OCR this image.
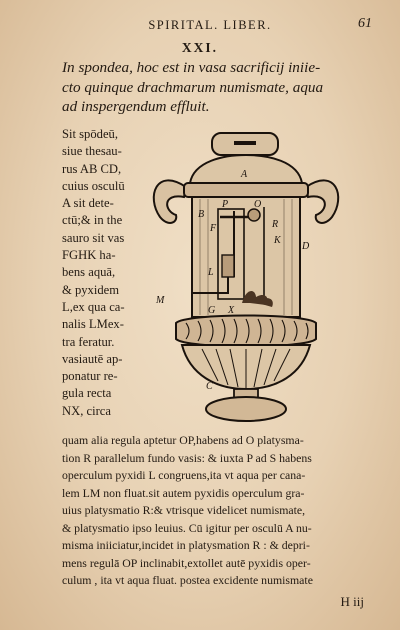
SPIRITAL. LIBER.	61
XXI.
In spondea, hoc est in vasa sacrificij iniie-
cto quinque drachmarum numismate, aqua
ad inspergendum effluit.
Sit spōdeū,
siue thesau-
rus AB CD,
cuius osculū
A sit dete-
ctū;& in the
sauro sit vas
FGHK ha-
bens aquā,
& pyxidem
L,ex qua ca-
nalis LMex-
tra feratur.
vasiautē ap-
ponatur re-
gula recta
NX, circa
A
B
C
D
F
G
K
L
M
O
P
R
X
quam alia regula aptetur OP,habens ad O platysma-
tion R parallelum fundo vasis: & iuxta P ad S habens
operculum pyxidi L congruens,ita vt aqua per cana-
lem LM non fluat.sit autem pyxidis operculum gra-
uius platysmatio R:& vtrisque videlicet numismate,
& platysmatio ipso leuius. Cū igitur per osculū A nu-
misma iniiciatur,incidet in platysmation R : & depri-
mens regulā OP inclinabit,extollet autē pyxidis oper-
culum , ita vt aqua fluat. postea excidente numismate
H iij
